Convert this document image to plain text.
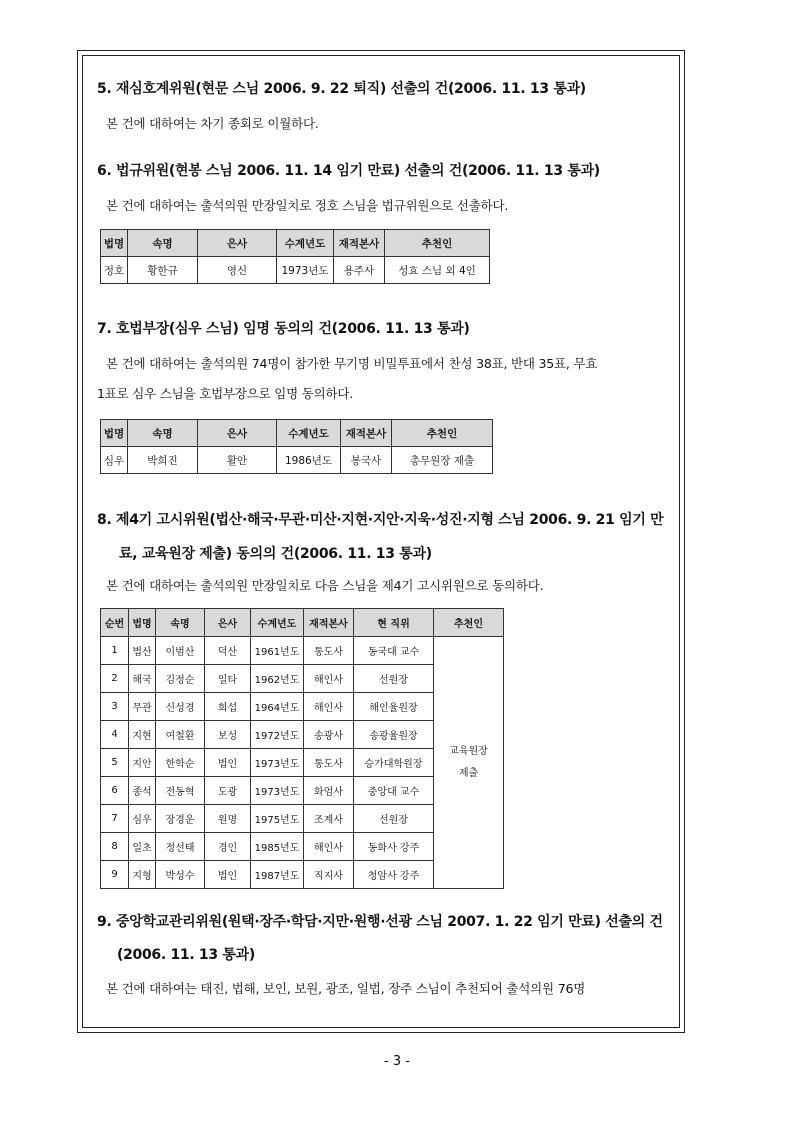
5. 재심호계위원(현문 스님 2006. 9. 22 퇴직) 선출의 건(2006. 11. 13 통과)
본 건에 대하여는 차기 종회로 이월하다.
6. 법규위원(현봉 스님 2006. 11. 14 임기 만료) 선출의 건(2006. 11. 13 통과)
본 건에 대하여는 출석의원 만장일치로 정호 스님을 법규위원으로 선출하다.
법명	속명	은사	수계년도	재적본사	추천인
정호	황한규	영신	1973년도	용주사	성효 스님 외 4인
7. 호법부장(심우 스님) 임명 동의의 건(2006. 11. 13 통과)
본 건에 대하여는 출석의원 74명이 참가한 무기명 비밀투표에서 찬성 38표, 반대 35표, 무효
1표로 심우 스님을 호법부장으로 임명 동의하다.
법명	속명	은사	수계년도	재적본사	추천인
심우	박희진	활안	1986년도	봉국사	총무원장 제출
8. 제4기 고시위원(법산·해국·무관·미산·지현·지안·지욱·성진·지형 스님 2006. 9. 21 임기 만
료, 교육원장 제출) 동의의 건(2006. 11. 13 통과)
본 건에 대하여는 출석의원 만장일치로 다음 스님을 제4기 고시위원으로 동의하다.
순번	법명	속명	은사	수계년도	재적본사	현 직위	추천인
1	법산	이범산	덕산	1961년도	통도사	동국대 교수	교육원장
제출

2	해국	김정순	일타	1962년도	해인사	선원장	
3	무관	신성경	희섭	1964년도	해인사	해인율원장	
4	지현	여철환	보성	1972년도	송광사	송광율원장	
5	지안	한학순	법인	1973년도	통도사	승가대학원장	
6	종석	전동혁	도광	1973년도	화엄사	중앙대 교수	
7	심우	장경운	원명	1975년도	조계사	선원장	
8	일초	정선태	경인	1985년도	해인사	동화사 강주	
9	지형	박성수	법인	1987년도	직지사	청암사 강주	
9. 중앙학교관리위원(원택·장주·학담·지만·원행·선광 스님 2007. 1. 22 임기 만료) 선출의 건
(2006. 11. 13 통과)
본 건에 대하여는 태진, 법해, 보인, 보원, 광조, 일법, 장주 스님이 추천되어 출석의원 76명
- 3 -
